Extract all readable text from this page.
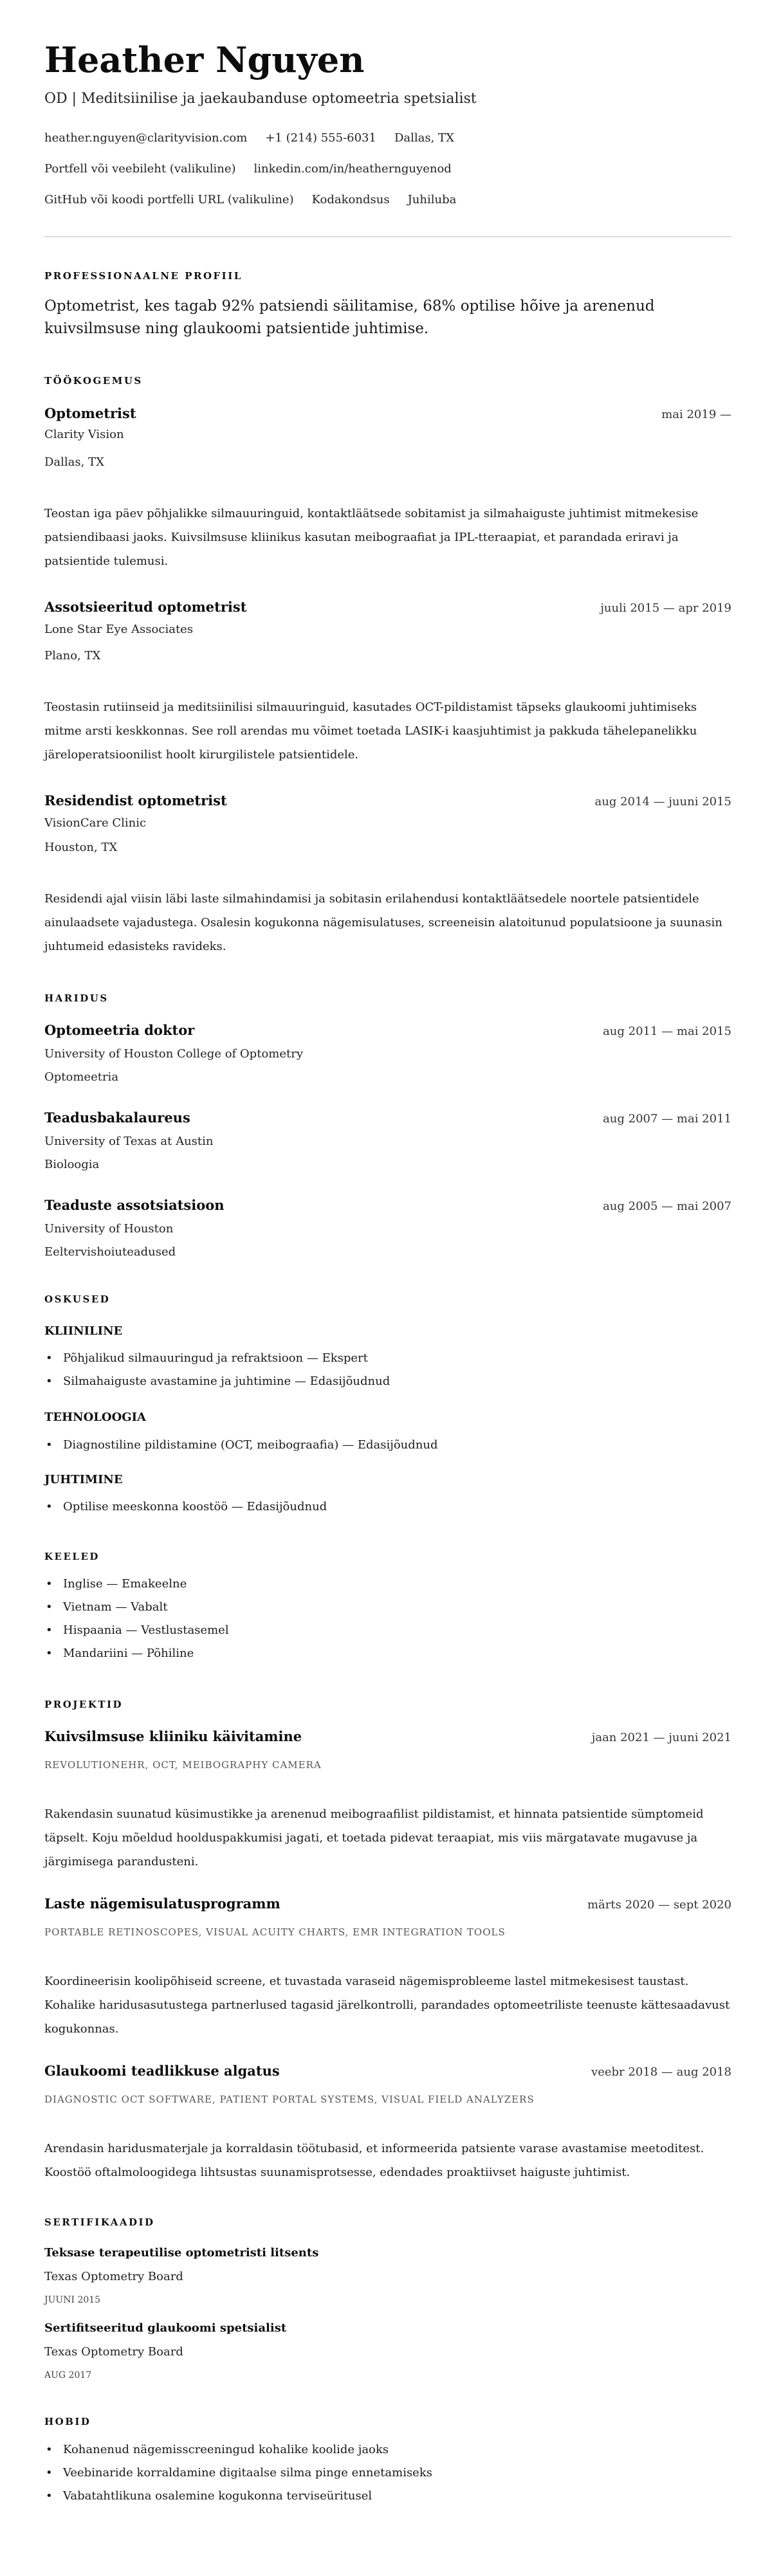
Heather Nguyen
OD | Meditsiinilise ja jaekaubanduse optomeetria spetsialist
heather.nguyen@clarityvision.com +1 (214) 555-6031 Dallas, TX
Portfell või veebileht (valikuline) linkedin.com/in/heathernguyenod
GitHub või koodi portfelli URL (valikuline) Kodakondsus Juhiluba
PROFESSIONAALNE PROFIIL
Optometrist, kes tagab 92% patsiendi säilitamise, 68% optilise hõive ja arenenud kuivsilmsuse ning glaukoomi patsientide juhtimise.
TÖÖKOGEMUS
Optometrist	mai 2019 —
Clarity Vision
Dallas, TX
Teostan iga päev põhjalikke silmauuringuid, kontaktläätsede sobitamist ja silmahaiguste juhtimist mitmekesise patsiendibaasi jaoks. Kuivsilmsuse kliinikus kasutan meibograafiat ja IPL-tteraapiat, et parandada eriravi ja patsientide tulemusi.
Assotsieeritud optometrist	juuli 2015 — apr 2019
Lone Star Eye Associates
Plano, TX
Teostasin rutiinseid ja meditsiinilisi silmauuringuid, kasutades OCT-pildistamist täpseks glaukoomi juhtimiseks mitme arsti keskkonnas. See roll arendas mu võimet toetada LASIK-i kaasjuhtimist ja pakkuda tähelepanelikku järeloperatsioonilist hoolt kirurgilistele patsientidele.
Residendist optometrist	aug 2014 — juuni 2015
VisionCare Clinic
Houston, TX
Residendi ajal viisin läbi laste silmahindamisi ja sobitasin erilahendusi kontaktläätsedele noortele patsientidele ainulaadsete vajadustega. Osalesin kogukonna nägemisulatuses, screeneisin alatoitunud populatsioone ja suunasin juhtumeid edasisteks ravideks.
HARIDUS
Optomeetria doktor	aug 2011 — mai 2015
University of Houston College of Optometry
Optomeetria
Teadusbakalaureus	aug 2007 — mai 2011
University of Texas at Austin
Bioloogia
Teaduste assotsiatsioon	aug 2005 — mai 2007
University of Houston
Eeltervishoiuteadused
OSKUSED
KLIINILINE
• Põhjalikud silmauuringud ja refraktsioon — Ekspert
• Silmahaiguste avastamine ja juhtimine — Edasijõudnud
TEHNOLOOGIA
• Diagnostiline pildistamine (OCT, meibograafia) — Edasijõudnud
JUHTIMINE
• Optilise meeskonna koostöö — Edasijõudnud
KEELED
• Inglise — Emakeelne
• Vietnam — Vabalt
• Hispaania — Vestlustasemel
• Mandariini — Põhiline
PROJEKTID
Kuivsilmsuse kliiniku käivitamine	jaan 2021 — juuni 2021
REVOLUTIONEHR, OCT, MEIBOGRAPHY CAMERA
Rakendasin suunatud küsimustikke ja arenenud meibograafilist pildistamist, et hinnata patsientide sümptomeid täpselt. Koju mõeldud hoolduspakkumisi jagati, et toetada pidevat teraapiat, mis viis märgatavate mugavuse ja järgimisega parandusteni.
Laste nägemisulatusprogramm	märts 2020 — sept 2020
PORTABLE RETINOSCOPES, VISUAL ACUITY CHARTS, EMR INTEGRATION TOOLS
Koordineerisin koolipõhiseid screene, et tuvastada varaseid nägemisprobleeme lastel mitmekesisest taustast. Kohalike haridusasutustega partnerlused tagasid järelkontrolli, parandades optomeetriliste teenuste kättesaadavust kogukonnas.
Glaukoomi teadlikkuse algatus	veebr 2018 — aug 2018
DIAGNOSTIC OCT SOFTWARE, PATIENT PORTAL SYSTEMS, VISUAL FIELD ANALYZERS
Arendasin haridusmaterjale ja korraldasin töötubasid, et informeerida patsiente varase avastamise meetoditest. Koostöö oftalmoloogidega lihtsustas suunamisprotsesse, edendades proaktiivset haiguste juhtimist.
SERTIFIKAADID
Teksase terapeutilise optometristi litsents
Texas Optometry Board
JUUNI 2015
Sertifitseeritud glaukoomi spetsialist
Texas Optometry Board
AUG 2017
HOBID
• Kohanenud nägemisscreeningud kohalike koolide jaoks
• Veebinaride korraldamine digitaalse silma pinge ennetamiseks
• Vabatahtlikuna osalemine kogukonna terviseüritusel
